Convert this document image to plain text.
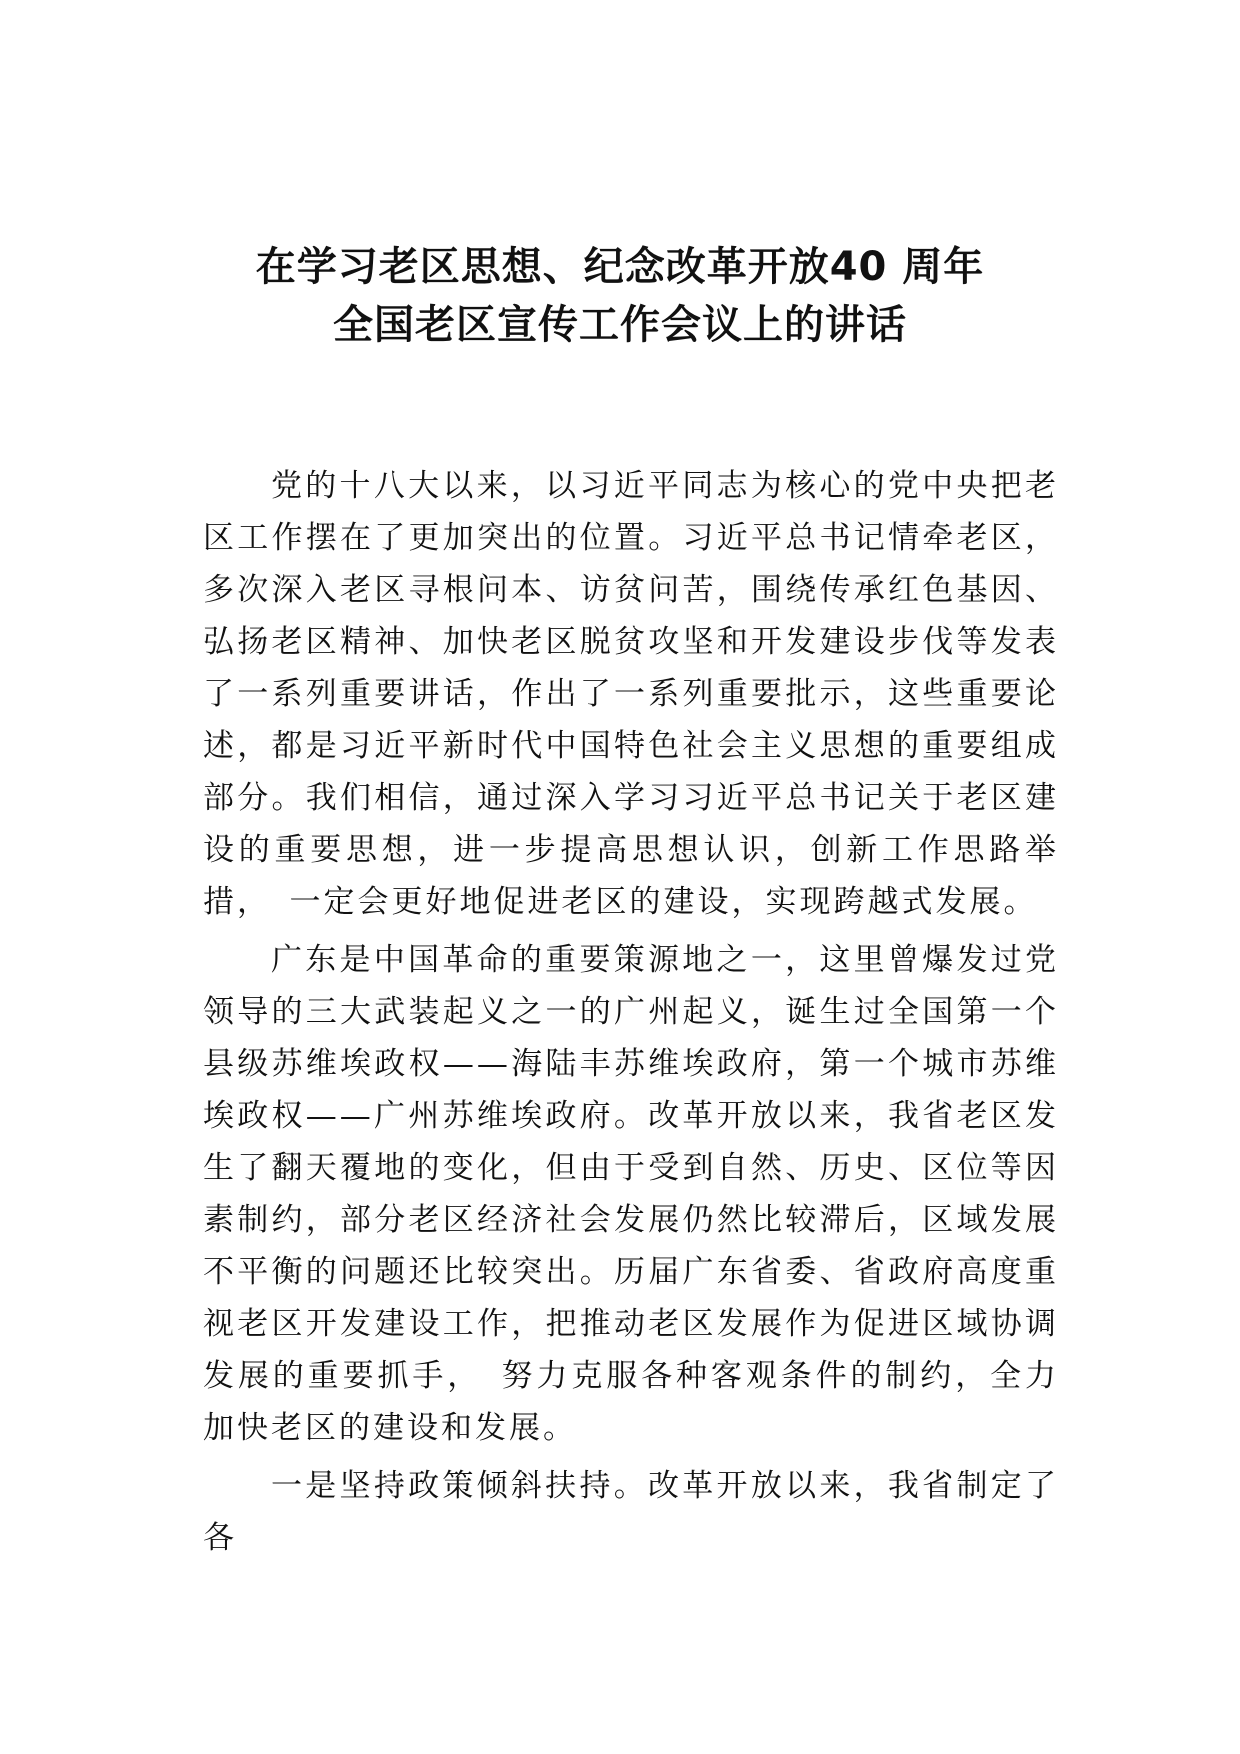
在学习老区思想、纪念改革开放40 周年
全国老区宣传工作会议上的讲话

党的十八大以来，以习近平同志为核心的党中央把老区工作摆在了更加突出的位置。习近平总书记情牵老区，多次深入老区寻根问本、访贫问苦，围绕传承红色基因、弘扬老区精神、加快老区脱贫攻坚和开发建设步伐等发表了一系列重要讲话，作出了一系列重要批示，这些重要论述，都是习近平新时代中国特色社会主义思想的重要组成部分。我们相信，通过深入学习习近平总书记关于老区建设的重要思想，进一步提高思想认识，创新工作思路举措，　一定会更好地促进老区的建设，实现跨越式发展。

广东是中国革命的重要策源地之一，这里曾爆发过党领导的三大武装起义之一的广州起义，诞生过全国第一个县级苏维埃政权——海陆丰苏维埃政府，第一个城市苏维埃政权——广州苏维埃政府。改革开放以来，我省老区发生了翻天覆地的变化，但由于受到自然、历史、区位等因素制约，部分老区经济社会发展仍然比较滞后，区域发展不平衡的问题还比较突出。历届广东省委、省政府高度重视老区开发建设工作，把推动老区发展作为促进区域协调发展的重要抓手，　努力克服各种客观条件的制约，全力加快老区的建设和发展。

一是坚持政策倾斜扶持。改革开放以来，我省制定了各
